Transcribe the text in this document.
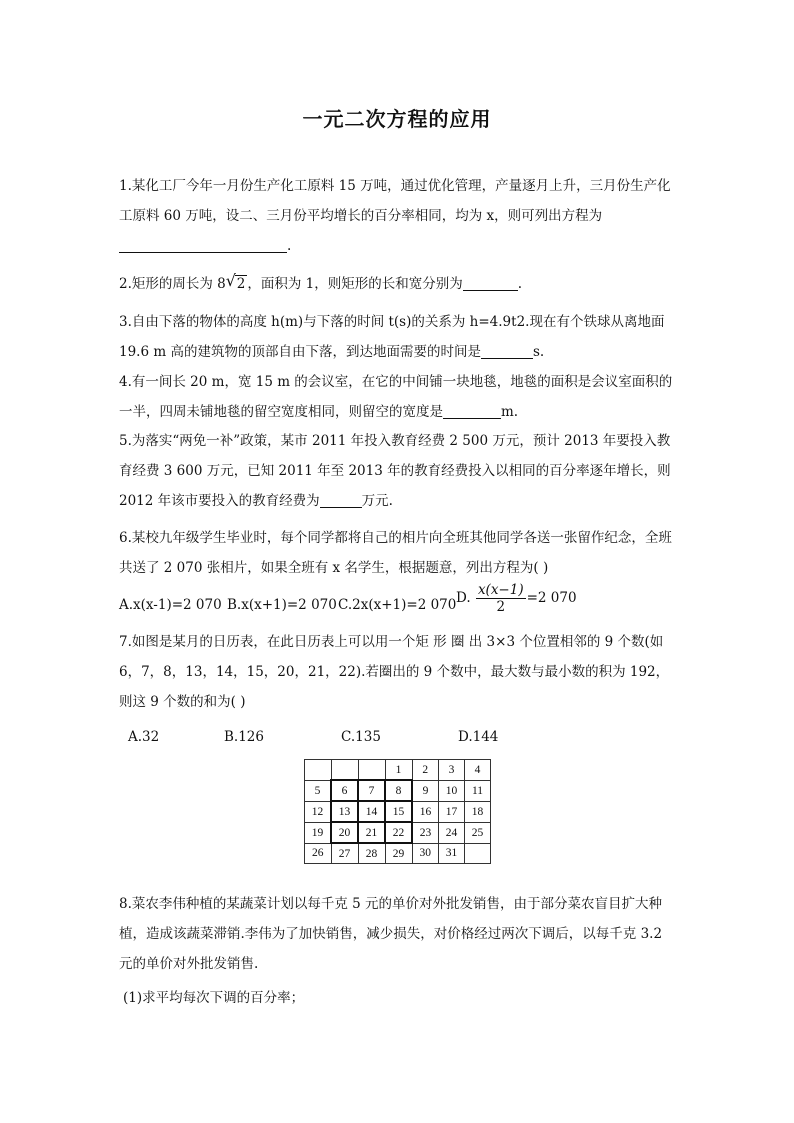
一元二次方程的应用
1.某化工厂今年一月份生产化工原料 15 万吨，通过优化管理，产量逐月上升，三月份生产化工原料 60 万吨，设二、三月份平均增长的百分率相同，均为 x，则可列出方程为
.
2.矩形的周长为 8 √ 2 ，面积为 1，则矩形的长和宽分别为	.
3.自由下落的物体的高度 h(m)与下落的时间 t(s)的关系为 h=4.9t2.现在有个铁球从离地面 19.6 m 高的建筑物的顶部自由下落，到达地面需要的时间是	s.
4.有一间长 20 m，宽 15 m 的会议室，在它的中间铺一块地毯，地毯的面积是会议室面积的一半，四周未铺地毯的留空宽度相同，则留空的宽度是	m.
5.为落实“两免一补”政策，某市 2011 年投入教育经费 2 500 万元，预计 2013 年要投入教育经费 3 600 万元，已知 2011 年至 2013 年的教育经费投入以相同的百分率逐年增长，则 2012 年该市要投入的教育经费为	万元.
6.某校九年级学生毕业时，每个同学都将自己的相片向全班其他同学各送一张留作纪念，全班共送了 2 070 张相片，如果全班有 x 名学生，根据题意，列出方程为( )
A.x(x-1)=2 070 B.x(x+1)=2 070 C.2x(x+1)=2 070 D. $\frac{x(x-1)}{2} =2$ 070
7.如图是某月的日历表，在此日历表上可以用一个矩 形 圈 出 3×3 个位置相邻的 9 个数(如 6，7，8，13，14，15，20，21，22).若圈出的 9 个数中，最大数与最小数的积为 192，则这 9 个数的和为( )
A.32	B.126	C.135	D.144
			1	2	3	4
5	6	7	8	9	10	11
12	13	14	15	16	17	18
19	20	21	22	23	24	25
26	27	28	29	30	31	
8.菜农李伟种植的某蔬菜计划以每千克 5 元的单价对外批发销售，由于部分菜农盲目扩大种植，造成该蔬菜滞销.李伟为了加快销售，减少损失，对价格经过两次下调后，以每千克 3.2 元的单价对外批发销售.
(1)求平均每次下调的百分率；
